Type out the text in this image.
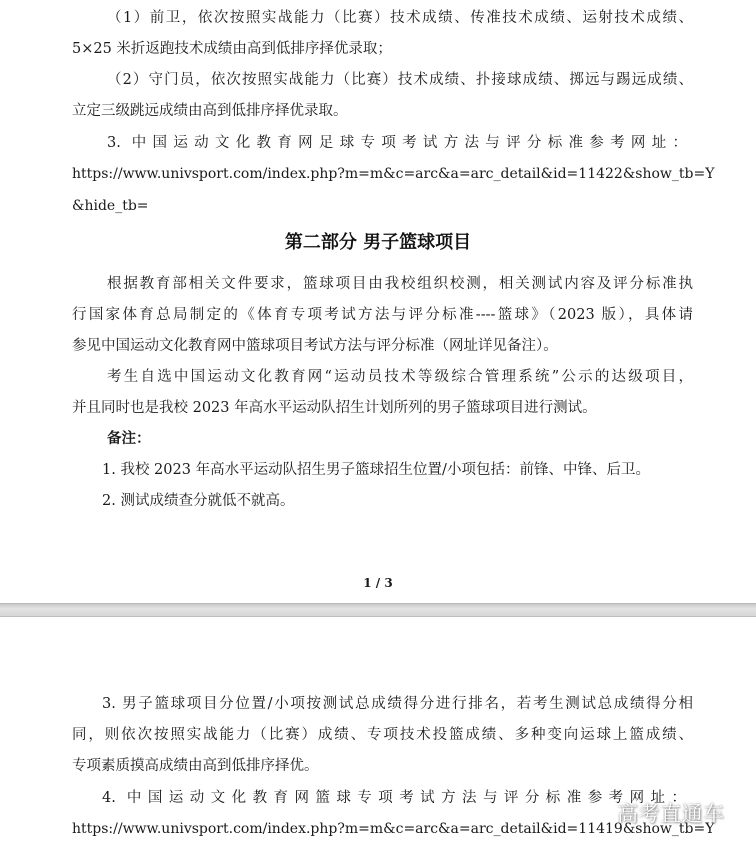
（1）前卫，依次按照实战能力（比赛）技术成绩、传准技术成绩、运射技术成绩、
5×25 米折返跑技术成绩由高到低排序择优录取；
（2）守门员，依次按照实战能力（比赛）技术成绩、扑接球成绩、掷远与踢远成绩、
立定三级跳远成绩由高到低排序择优录取。
3. 中国运动文化教育网足球专项考试方法与评分标准参考网址：
https://www.univsport.com/index.php?m=m&c=arc&a=arc_detail&id=11422&show_tb=Y
&hide_tb=
第二部分 男子篮球项目
根据教育部相关文件要求，篮球项目由我校组织校测，相关测试内容及评分标准执
行国家体育总局制定的《体育专项考试方法与评分标准----篮球》（2023 版），具体请
参见中国运动文化教育网中篮球项目考试方法与评分标准（网址详见备注）。
考生自选中国运动文化教育网“运动员技术等级综合管理系统”公示的达级项目，
并且同时也是我校 2023 年高水平运动队招生计划所列的男子篮球项目进行测试。
备注：
1. 我校 2023 年高水平运动队招生男子篮球招生位置/小项包括：前锋、中锋、后卫。
2. 测试成绩查分就低不就高。
1 / 3
3. 男子篮球项目分位置/小项按测试总成绩得分进行排名，若考生测试总成绩得分相
同，则依次按照实战能力（比赛）成绩、专项技术投篮成绩、多种变向运球上篮成绩、
专项素质摸高成绩由高到低排序择优。
4. 中国运动文化教育网篮球专项考试方法与评分标准参考网址：
https://www.univsport.com/index.php?m=m&c=arc&a=arc_detail&id=11419&show_tb=Y
高考直通车
